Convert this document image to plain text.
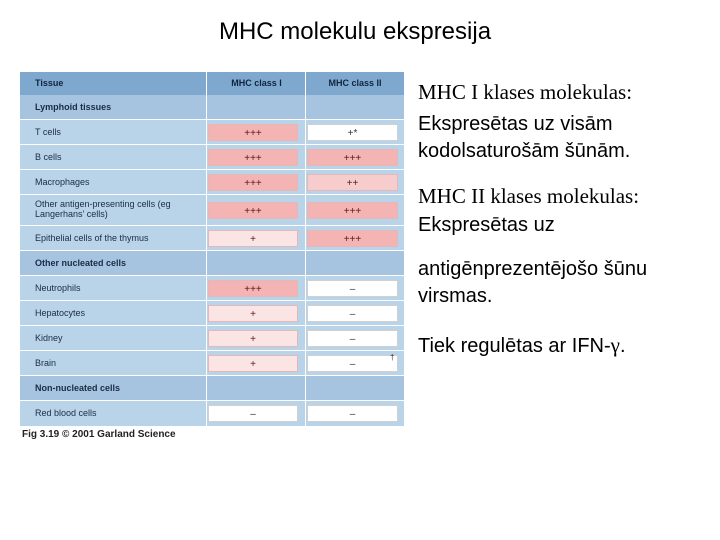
MHC molekulu ekspresija
Tissue	MHC class I	MHC class II
Lymphoid tissues
T cells	+++	+*
B cells	+++	+++
Macrophages	+++	++
Other antigen-presenting cells (eg Langerhans' cells)	+++	+++
Epithelial cells of the thymus	+	+++
Other nucleated cells
Neutrophils	+++	–
Hepatocytes	+	–
Kidney	+	–
Brain	+	–
†
Non-nucleated cells
Red blood cells	–	–
Fig 3.19 © 2001 Garland Science
MHC I klases molekulas:
Ekspresētas uz visām kodolsaturošām šūnām.
MHC II klases molekulas:
Ekspresētas uz
antigēnprezentējošo šūnu virsmas.
Tiek regulētas ar IFN-γ.
